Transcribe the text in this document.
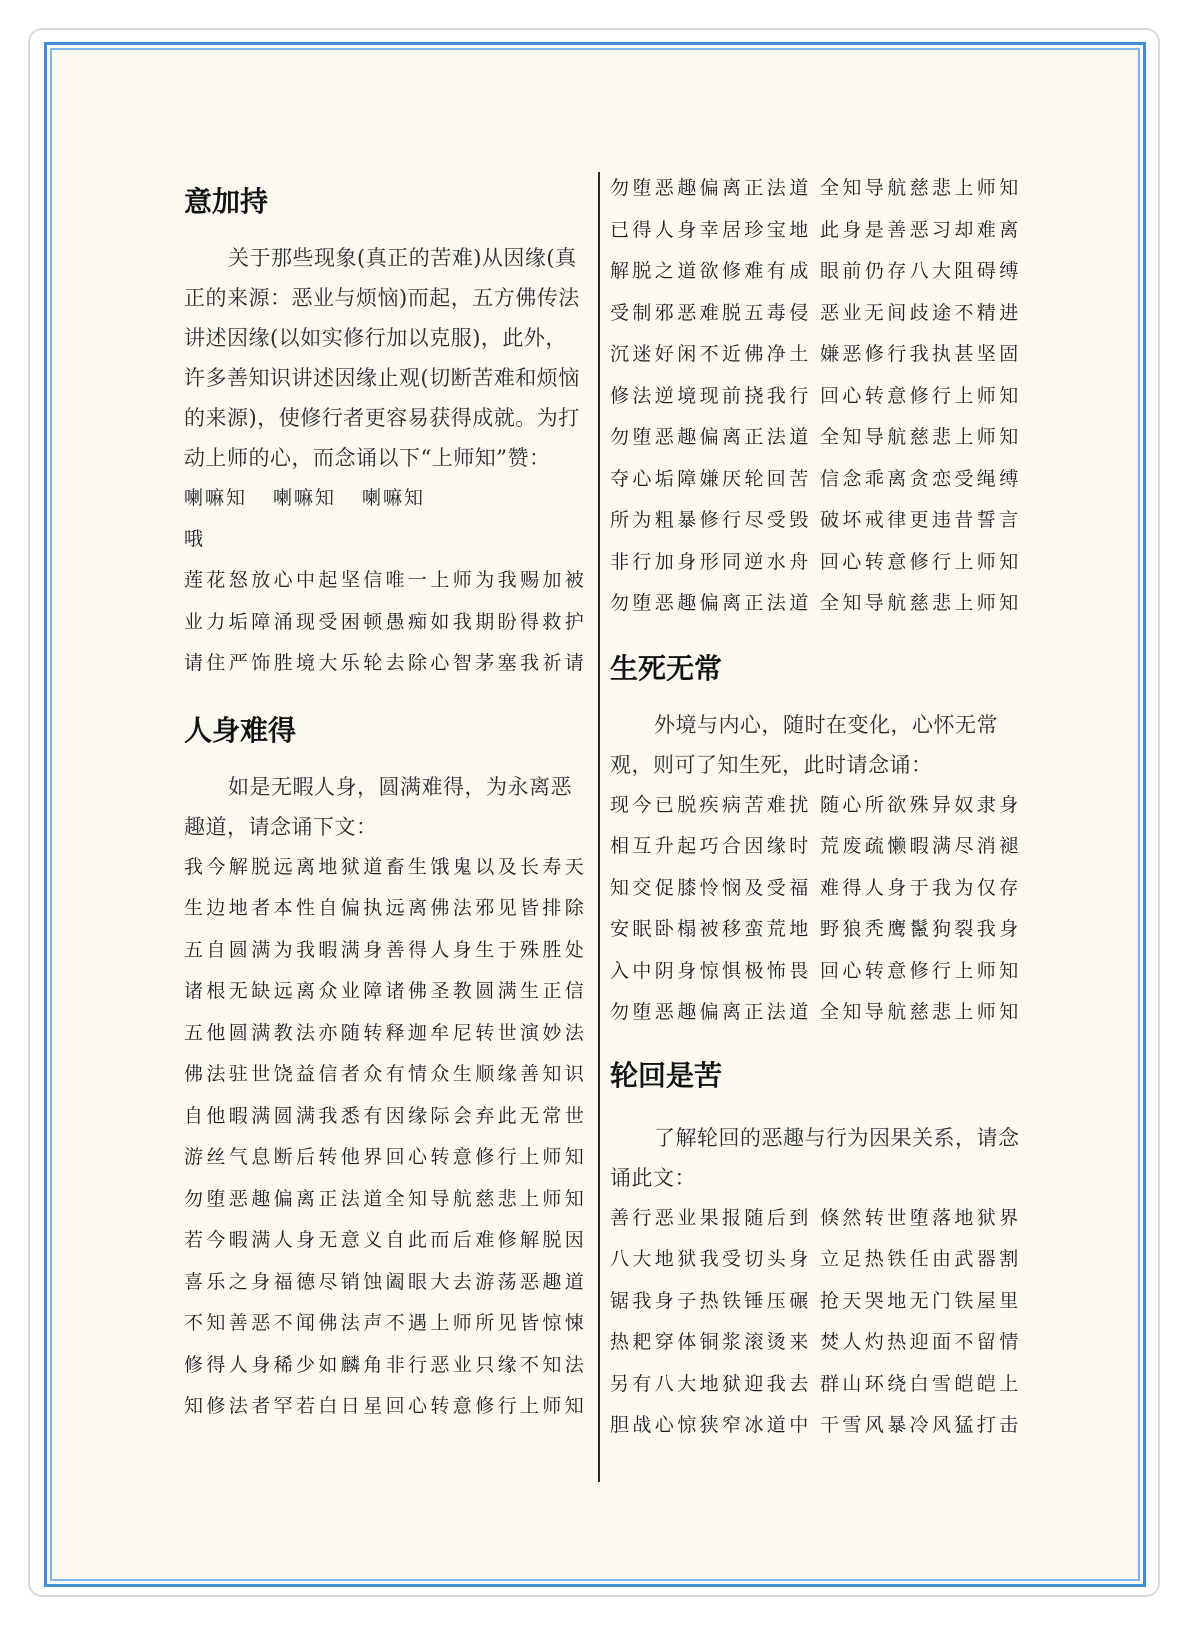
意加持

关于那些现象(真正的苦难)从因缘(真正的来源：恶业与烦恼)而起，五方佛传法讲述因缘(以如实修行加以克服)，此外，许多善知识讲述因缘止观(切断苦难和烦恼的来源)，使修行者更容易获得成就。为打动上师的心，而念诵以下“上师知”赞：

喇嘛知 喇嘛知 喇嘛知

哦

莲花怒放心中起坚信 唯一上师为我赐加被

业力垢障涌现受困顿 愚痴如我期盼得救护

请住严饰胜境大乐轮 去除心智茅塞我祈请

人身难得

如是无暇人身，圆满难得，为永离恶趣道，请念诵下文：

我今解脱远离地狱道 畜生饿鬼以及长寿天

生边地者本性自偏执 远离佛法邪见皆排除

五自圆满为我暇满身 善得人身生于殊胜处

诸根无缺远离众业障 诸佛圣教圆满生正信

五他圆满教法亦随转 释迦牟尼转世演妙法

佛法驻世饶益信者众 有情众生顺缘善知识

自他暇满圆满我悉有 因缘际会弃此无常世

游丝气息断后转他界 回心转意修行上师知

勿堕恶趣偏离正法道 全知导航慈悲上师知

若今暇满人身无意义 自此而后难修解脱因

喜乐之身福德尽销蚀 阖眼大去游荡恶趣道

不知善恶不闻佛法声 不遇上师所见皆惊悚

修得人身稀少如麟角 非行恶业只缘不知法

知修法者罕若白日星 回心转意修行上师知

勿堕恶趣偏离正法道 全知导航慈悲上师知

已得人身幸居珍宝地 此身是善恶习却难离

解脱之道欲修难有成 眼前仍存八大阻碍缚

受制邪恶难脱五毒侵 恶业无间歧途不精进

沉迷好闲不近佛净土 嫌恶修行我执甚坚固

修法逆境现前挠我行 回心转意修行上师知

勿堕恶趣偏离正法道 全知导航慈悲上师知

夺心垢障嫌厌轮回苦 信念乖离贪恋受绳缚

所为粗暴修行尽受毁 破坏戒律更违昔誓言

非行加身形同逆水舟 回心转意修行上师知

勿堕恶趣偏离正法道 全知导航慈悲上师知

生死无常

外境与内心，随时在变化，心怀无常观，则可了知生死，此时请念诵：

现今已脱疾病苦难扰 随心所欲殊异奴隶身

相互升起巧合因缘时 荒废疏懒暇满尽消褪

知交促膝怜悯及受福 难得人身于我为仅存

安眠卧榻被移蛮荒地 野狼秃鹰鬣狗裂我身

入中阴身惊惧极怖畏 回心转意修行上师知

勿堕恶趣偏离正法道 全知导航慈悲上师知

轮回是苦

了解轮回的恶趣与行为因果关系，请念诵此文：

善行恶业果报随后到 倏然转世堕落地狱界

八大地狱我受切头身 立足热铁任由武器割

锯我身子热铁锤压碾 抢天哭地无门铁屋里

热耙穿体铜浆滚烫来 焚人灼热迎面不留情

另有八大地狱迎我去 群山环绕白雪皑皑上

胆战心惊狭窄冰道中 干雪风暴冷风猛打击
